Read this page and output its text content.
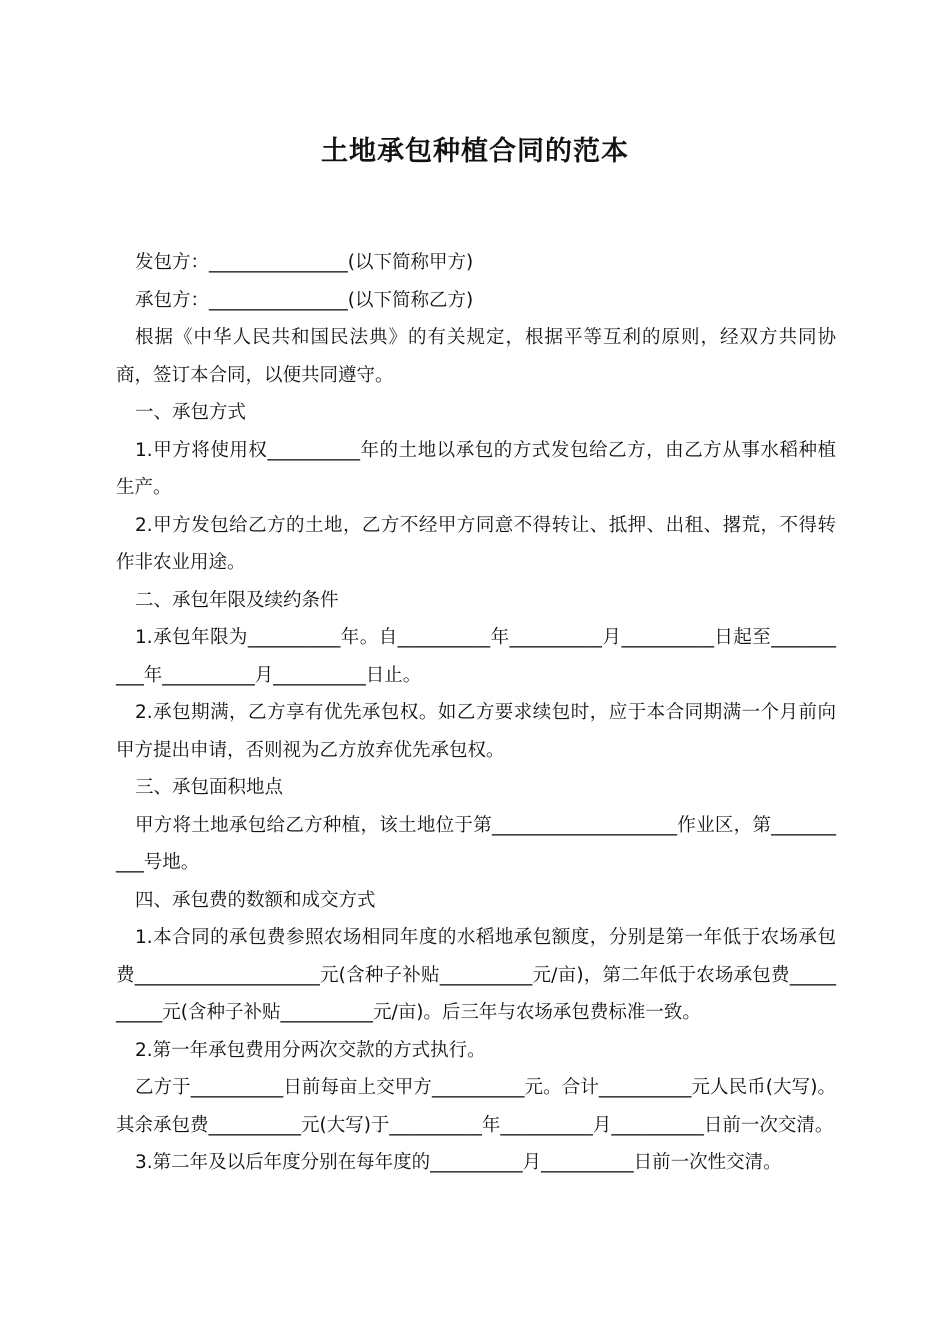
土地承包种植合同的范本

发包方：_______________(以下简称甲方)

承包方：_______________(以下简称乙方)

根据《中华人民共和国民法典》的有关规定，根据平等互利的原则，经双方共同协商，签订本合同，以便共同遵守。

一、承包方式

1.甲方将使用权__________年的土地以承包的方式发包给乙方，由乙方从事水稻种植生产。

2.甲方发包给乙方的土地，乙方不经甲方同意不得转让、抵押、出租、撂荒，不得转作非农业用途。

二、承包年限及续约条件

1.承包年限为__________年。自__________年__________月__________日起至__________年__________月__________日止。

2.承包期满，乙方享有优先承包权。如乙方要求续包时，应于本合同期满一个月前向甲方提出申请，否则视为乙方放弃优先承包权。

三、承包面积地点

甲方将土地承包给乙方种植，该土地位于第____________________作业区，第__________号地。

四、承包费的数额和成交方式

1.本合同的承包费参照农场相同年度的水稻地承包额度，分别是第一年低于农场承包费____________________元(含种子补贴__________元/亩)，第二年低于农场承包费__________元(含种子补贴__________元/亩)。后三年与农场承包费标准一致。

2.第一年承包费用分两次交款的方式执行。

乙方于__________日前每亩上交甲方__________元。合计__________元人民币(大写)。其余承包费__________元(大写)于__________年__________月__________日前一次交清。

3.第二年及以后年度分别在每年度的__________月__________日前一次性交清。
